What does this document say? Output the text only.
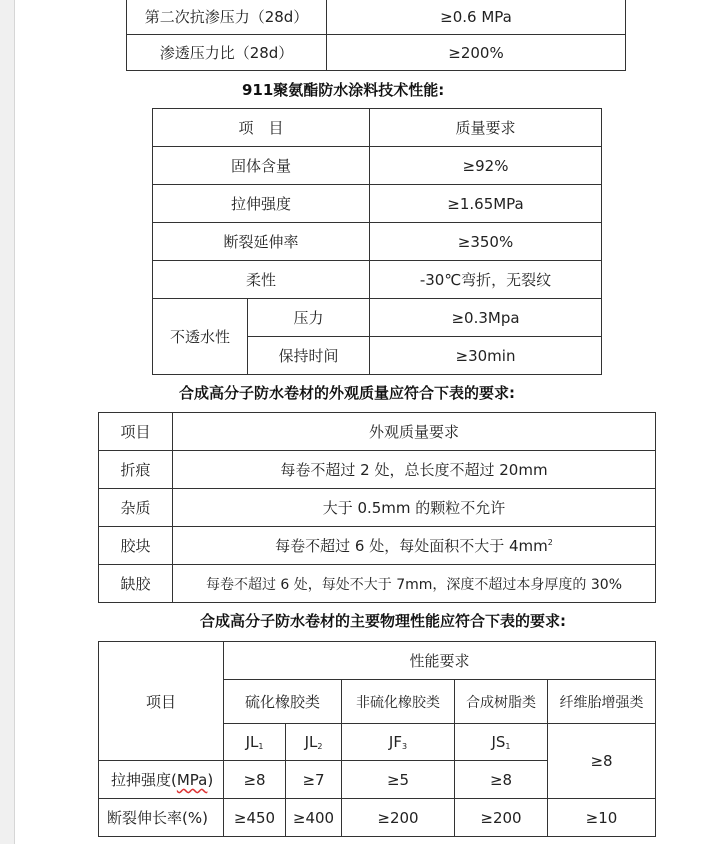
第二次抗渗压力（28d）	≥0.6 MPa
渗透压力比（28d）	≥200%
911聚氨酯防水涂料技术性能:
项　目		质量要求
固体含量		≥92%
拉伸强度		≥1.65MPa
断裂延伸率		≥350%
柔性		-30℃弯折，无裂纹
不透水性	压力	≥0.3Mpa
	保持时间	≥30min
合成高分子防水卷材的外观质量应符合下表的要求:
项目	外观质量要求
折痕	每卷不超过 2 处，总长度不超过 20mm
杂质	大于 0.5mm 的颗粒不允许
胶块	每卷不超过 6 处，每处面积不大于 $4mm^2$
缺胶	每卷不超过 6 处，每处不大于 7mm，深度不超过本身厚度的 30%
合成高分子防水卷材的主要物理性能应符合下表的要求:
项目	性能要求				
	硫化橡胶类		非硫化橡胶类	合成树脂类	纤维胎增强类
	$JL_1$	$JL_2$	$JF_3$	$JS_1$	≥8
拉抻强度(MPa)	≥8	≥7	≥5	≥8	
断裂伸长率(%)	≥450	≥400	≥200	≥200	≥10
